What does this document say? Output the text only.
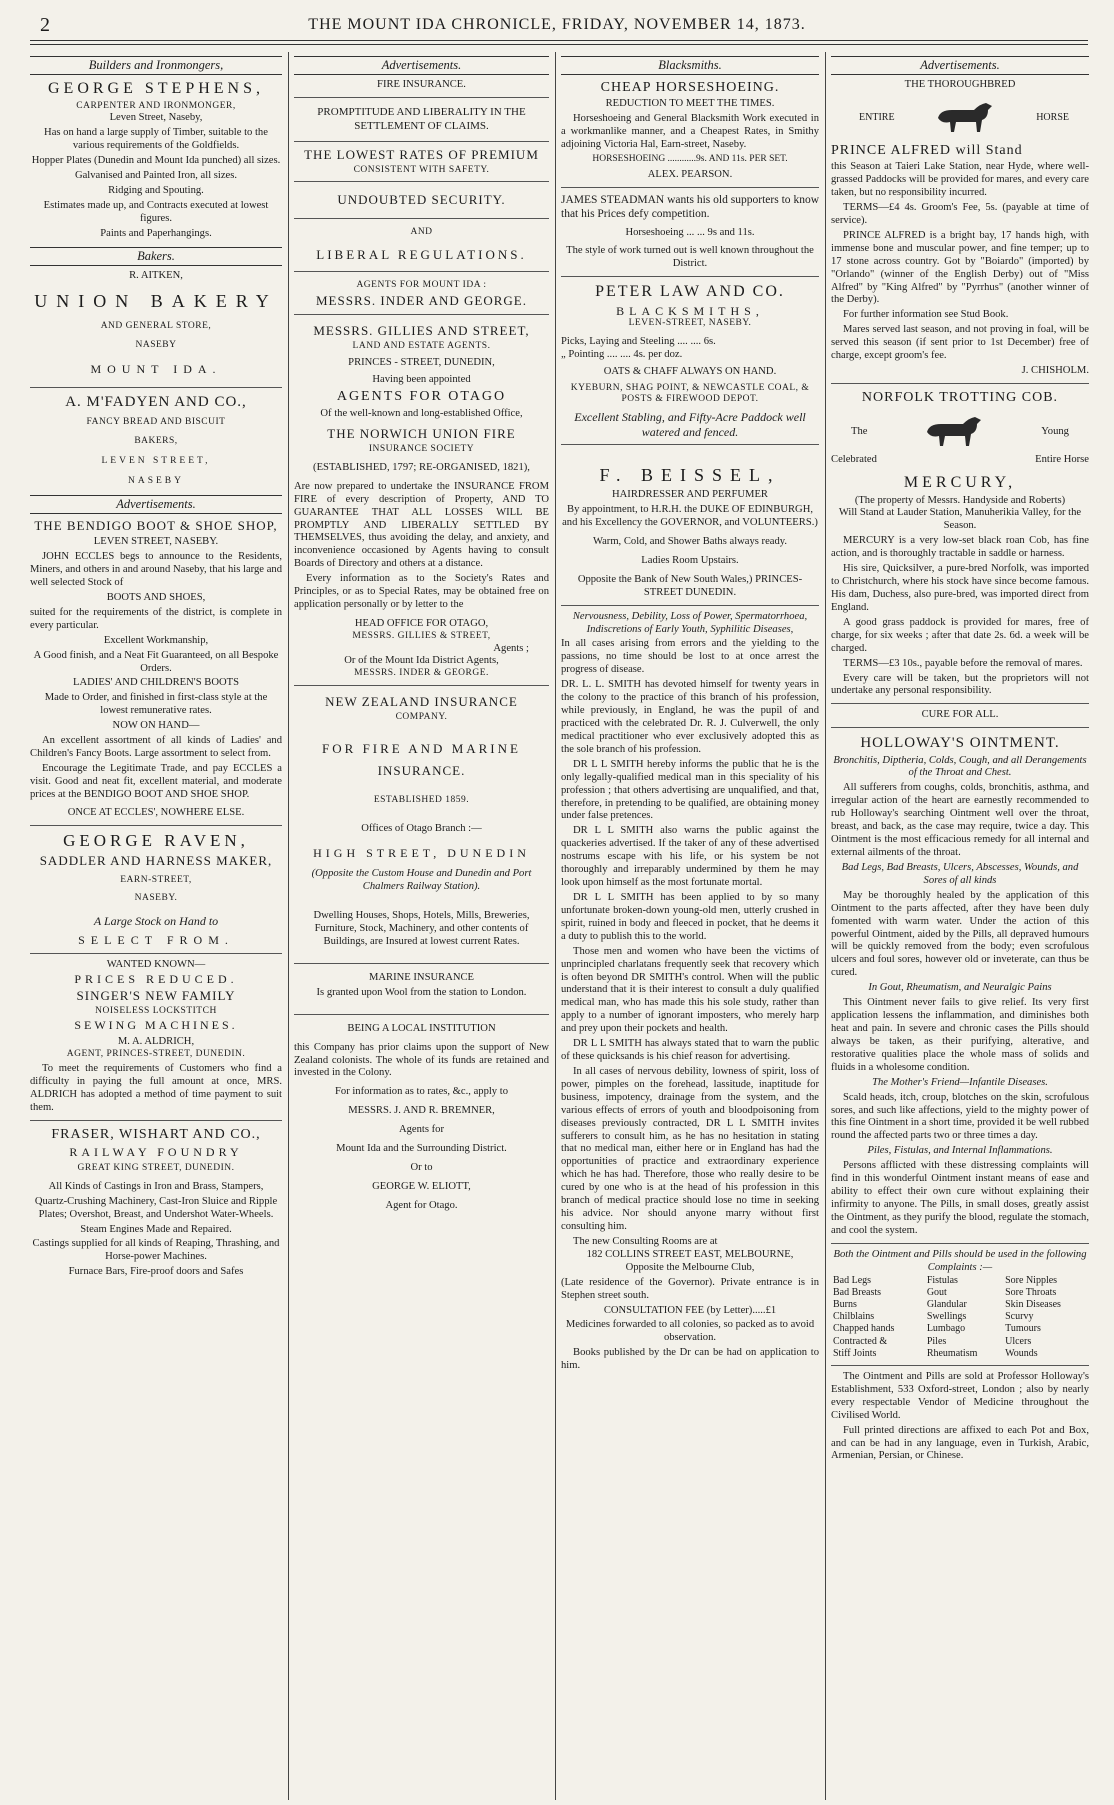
2	THE MOUNT IDA CHRONICLE, FRIDAY, NOVEMBER 14, 1873.
Builders and Ironmongers,
GEORGE STEPHENS,
CARPENTER AND IRONMONGER,
Leven Street, Naseby,

Has on hand a large supply of Timber, suitable to the various requirements of the Goldfields.

Hopper Plates (Dunedin and Mount Ida punched) all sizes.

Galvanised and Painted Iron, all sizes.

Ridging and Spouting.

Estimates made up, and Contracts executed at lowest figures.

Paints and Paperhangings.

Bakers.
R. AITKEN,
UNION BAKERY
AND GENERAL STORE,
NASEBY
MOUNT IDA.
A. M'FADYEN AND CO.,
FANCY BREAD AND BISCUIT
BAKERS,
LEVEN STREET,
NASEBY
Advertisements.
THE BENDIGO BOOT & SHOE SHOP,
LEVEN STREET, NASEBY.

JOHN ECCLES begs to announce to the Residents, Miners, and others in and around Naseby, that his large and well selected Stock of

BOOTS AND SHOES,

suited for the requirements of the district, is complete in every particular.

Excellent Workmanship,

A Good finish, and a Neat Fit Guaranteed, on all Bespoke Orders.

LADIES' AND CHILDREN'S BOOTS

Made to Order, and finished in first-class style at the lowest remunerative rates.

NOW ON HAND—

An excellent assortment of all kinds of Ladies' and Children's Fancy Boots. Large assortment to select from.

Encourage the Legitimate Trade, and pay ECCLES a visit. Good and neat fit, excellent material, and moderate prices at the BENDIGO BOOT AND SHOE SHOP.

ONCE AT ECCLES', NOWHERE ELSE.
GEORGE RAVEN,
SADDLER AND HARNESS MAKER,
EARN-STREET,
NASEBY.
A Large Stock on Hand to
SELECT FROM.
WANTED KNOWN—
PRICES REDUCED.
SINGER'S NEW FAMILY
NOISELESS LOCKSTITCH
SEWING MACHINES.
M. A. ALDRICH,
AGENT, PRINCES-STREET, DUNEDIN.

To meet the requirements of Customers who find a difficulty in paying the full amount at once, MRS. ALDRICH has adopted a method of time payment to suit them.

FRASER, WISHART AND CO.,
RAILWAY FOUNDRY
GREAT KING STREET, DUNEDIN.

All Kinds of Castings in Iron and Brass, Stampers,

Quartz-Crushing Machinery, Cast-Iron Sluice and Ripple Plates; Overshot, Breast, and Undershot Water-Wheels.

Steam Engines Made and Repaired.

Castings supplied for all kinds of Reaping, Thrashing, and Horse-power Machines.

Furnace Bars, Fire-proof doors and Safes

Advertisements.
FIRE INSURANCE.
PROMPTITUDE AND LIBERALITY IN THE SETTLEMENT OF CLAIMS.
THE LOWEST RATES OF PREMIUM
CONSISTENT WITH SAFETY.
UNDOUBTED SECURITY.
AND
LIBERAL REGULATIONS.
AGENTS FOR MOUNT IDA :
MESSRS. INDER AND GEORGE.
MESSRS. GILLIES AND STREET,
LAND AND ESTATE AGENTS.
PRINCES - STREET, DUNEDIN,
Having been appointed
AGENTS FOR OTAGO
Of the well-known and long-established Office,
THE NORWICH UNION FIRE
INSURANCE SOCIETY
(ESTABLISHED, 1797; RE-ORGANISED, 1821),

Are now prepared to undertake the INSURANCE FROM FIRE of every description of Property, AND TO GUARANTEE THAT ALL LOSSES WILL BE PROMPTLY AND LIBERALLY SETTLED BY THEMSELVES, thus avoiding the delay, and anxiety, and inconvenience occasioned by Agents having to consult Boards of Directory and others at a distance.

Every information as to the Society's Rates and Principles, or as to Special Rates, may be obtained free on application personally or by letter to the

HEAD OFFICE FOR OTAGO,
MESSRS. GILLIES & STREET,
Agents ;
Or of the Mount Ida District Agents,
MESSRS. INDER & GEORGE.
NEW ZEALAND INSURANCE
COMPANY.
FOR FIRE AND MARINE
INSURANCE.
ESTABLISHED 1859.
Offices of Otago Branch :—
HIGH STREET, DUNEDIN
(Opposite the Custom House and Dunedin and Port Chalmers Railway Station).

Dwelling Houses, Shops, Hotels, Mills, Breweries, Furniture, Stock, Machinery, and other contents of Buildings, are Insured at lowest current Rates.

MARINE INSURANCE

Is granted upon Wool from the station to London.

BEING A LOCAL INSTITUTION

this Company has prior claims upon the support of New Zealand colonists. The whole of its funds are retained and invested in the Colony.

For information as to rates, &c., apply to
MESSRS. J. AND R. BREMNER,
Agents for
Mount Ida and the Surrounding District.
Or to
GEORGE W. ELIOTT,
Agent for Otago.
Blacksmiths.
CHEAP HORSESHOEING.
REDUCTION TO MEET THE TIMES.

Horseshoeing and General Blacksmith Work executed in a workmanlike manner, and a Cheapest Rates, in Smithy adjoining Victoria Hal, Earn-street, Naseby.

HORSESHOEING ............9s. AND 11s. PER SET.
ALEX. PEARSON.

JAMES STEADMAN wants his old supporters to know that his Prices defy competition.

Horseshoeing ... ... 9s and 11s.

The style of work turned out is well known throughout the District.

PETER LAW AND CO.
BLACKSMITHS,
LEVEN-STREET, NASEBY.
Picks, Laying and Steeling .... .... 6s.
„ Pointing .... .... 4s. per doz.
OATS & CHAFF ALWAYS ON HAND.
KYEBURN, SHAG POINT, & NEWCASTLE COAL, & POSTS & FIREWOOD DEPOT.
Excellent Stabling, and Fifty-Acre Paddock well watered and fenced.
F. BEISSEL,
HAIRDRESSER AND PERFUMER

By appointment, to H.R.H. the DUKE OF EDINBURGH, and his Excellency the GOVERNOR, and VOLUNTEERS.)

Warm, Cold, and Shower Baths always ready.
Ladies Room Upstairs.

Opposite the Bank of New South Wales,) PRINCES-STREET DUNEDIN.

Nervousness, Debility, Loss of Power, Spermatorrhoea, Indiscretions of Early Youth, Syphilitic Diseases,

In all cases arising from errors and the yielding to the passions, no time should be lost to at once arrest the progress of disease.

DR. L. L. SMITH has devoted himself for twenty years in the colony to the practice of this branch of his profession, while previously, in England, he was the pupil of and practiced with the celebrated Dr. R. J. Culverwell, the only medical practitioner who ever exclusively adopted this as the sole branch of his profession.

DR L L SMITH hereby informs the public that he is the only legally-qualified medical man in this speciality of his profession ; that others advertising are unqualified, and that, therefore, in pretending to be qualified, are obtaining money under false pretences.

DR L L SMITH also warns the public against the quackeries advertised. If the taker of any of these advertised nostrums escape with his life, or his system be not thoroughly and irreparably undermined by them he may look upon himself as the most fortunate mortal.

DR L L SMITH has been applied to by so many unfortunate broken-down young-old men, utterly crushed in spirit, ruined in body and fleeced in pocket, that he deems it a duty to publish this to the world.

Those men and women who have been the victims of unprincipled charlatans frequently seek that recovery which is often beyond DR SMITH's control. When will the public understand that it is their interest to consult a duly qualified medical man, who has made this his sole study, rather than apply to a number of ignorant imposters, who merely harp and prey upon their pockets and health.

DR L L SMITH has always stated that to warn the public of these quicksands is his chief reason for advertising.

In all cases of nervous debility, lowness of spirit, loss of power, pimples on the forehead, lassitude, inaptitude for business, impotency, drainage from the system, and the various effects of errors of youth and bloodpoisoning from diseases previously contracted, DR L L SMITH invites sufferers to consult him, as he has no hesitation in stating that no medical man, either here or in England has had the opportunities of practice and extraordinary experience which he has had. Therefore, those who really desire to be cured by one who is at the head of his profession in this branch of medical practice should lose no time in seeking his advice. Nor should anyone marry without first consulting him.

The new Consulting Rooms are at
182 COLLINS STREET EAST, MELBOURNE,
Opposite the Melbourne Club,

(Late residence of the Governor). Private entrance is in Stephen street south.

CONSULTATION FEE (by Letter).....£1

Medicines forwarded to all colonies, so packed as to avoid observation.

Books published by the Dr can be had on application to him.

Advertisements.
THE THOROUGHBRED
ENTIRE	HORSE
PRINCE ALFRED will Stand

this Season at Taieri Lake Station, near Hyde, where well-grassed Paddocks will be provided for mares, and every care taken, but no responsibility incurred.

TERMS—£4 4s. Groom's Fee, 5s. (payable at time of service).

PRINCE ALFRED is a bright bay, 17 hands high, with immense bone and muscular power, and fine temper; up to 17 stone across country. Got by "Boiardo" (imported) by "Orlando" (winner of the English Derby) out of "Miss Alfred" by "King Alfred" by "Pyrrhus" (another winner of the Derby).

For further information see Stud Book.

Mares served last season, and not proving in foal, will be served this season (if sent prior to 1st December) free of charge, except groom's fee.

J. CHISHOLM.
NORFOLK TROTTING COB.
The	Young
Celebrated	Entire Horse
MERCURY,
(The property of Messrs. Handyside and Roberts)
Will Stand at Lauder Station, Manuherikia Valley, for the Season.

MERCURY is a very low-set black roan Cob, has fine action, and is thoroughly tractable in saddle or harness.

His sire, Quicksilver, a pure-bred Norfolk, was imported to Christchurch, where his stock have since become famous. His dam, Duchess, also pure-bred, was imported direct from England.

A good grass paddock is provided for mares, free of charge, for six weeks ; after that date 2s. 6d. a week will be charged.

TERMS—£3 10s., payable before the removal of mares.

Every care will be taken, but the proprietors will not undertake any personal responsibility.

CURE FOR ALL.
HOLLOWAY'S OINTMENT.
Bronchitis, Diptheria, Colds, Cough, and all Derangements of the Throat and Chest.

All sufferers from coughs, colds, bronchitis, asthma, and irregular action of the heart are earnestly recommended to rub Holloway's searching Ointment well over the throat, breast, and back, as the case may require, twice a day. This Ointment is the most efficacious remedy for all internal and external ailments of the throat.

Bad Legs, Bad Breasts, Ulcers, Abscesses, Wounds, and Sores of all kinds

May be thoroughly healed by the application of this Ointment to the parts affected, after they have been duly fomented with warm water. Under the action of this powerful Ointment, aided by the Pills, all depraved humours will be quickly removed from the body; even scrofulous ulcers and foul sores, however old or inveterate, can thus be cured.

In Gout, Rheumatism, and Neuralgic Pains

This Ointment never fails to give relief. Its very first application lessens the inflammation, and diminishes both heat and pain. In severe and chronic cases the Pills should always be taken, as their purifying, alterative, and restorative qualities place the whole mass of solids and fluids in a wholesome condition.

The Mother's Friend—Infantile Diseases.

Scald heads, itch, croup, blotches on the skin, scrofulous sores, and such like affections, yield to the mighty power of this fine Ointment in a short time, provided it be well rubbed round the affected parts two or three times a day.

Piles, Fistulas, and Internal Inflammations.

Persons afflicted with these distressing complaints will find in this wonderful Ointment instant means of ease and ability to effect their own cure without explaining their infirmity to anyone. The Pills, in small doses, greatly assist the Ointment, as they purify the blood, regulate the stomach, and cool the system.

Both the Ointment and Pills should be used in the following Complaints :—
Bad Legs	Fistulas	Sore Nipples
Bad Breasts	Gout	Sore Throats
Burns	Glandular	Skin Diseases
Chilblains	Swellings	Scurvy
Chapped hands	Lumbago	Tumours
Contracted &	Piles	Ulcers
Stiff Joints	Rheumatism	Wounds

The Ointment and Pills are sold at Professor Holloway's Establishment, 533 Oxford-street, London ; also by nearly every respectable Vendor of Medicine throughout the Civilised World.

Full printed directions are affixed to each Pot and Box, and can be had in any language, even in Turkish, Arabic, Armenian, Persian, or Chinese.
